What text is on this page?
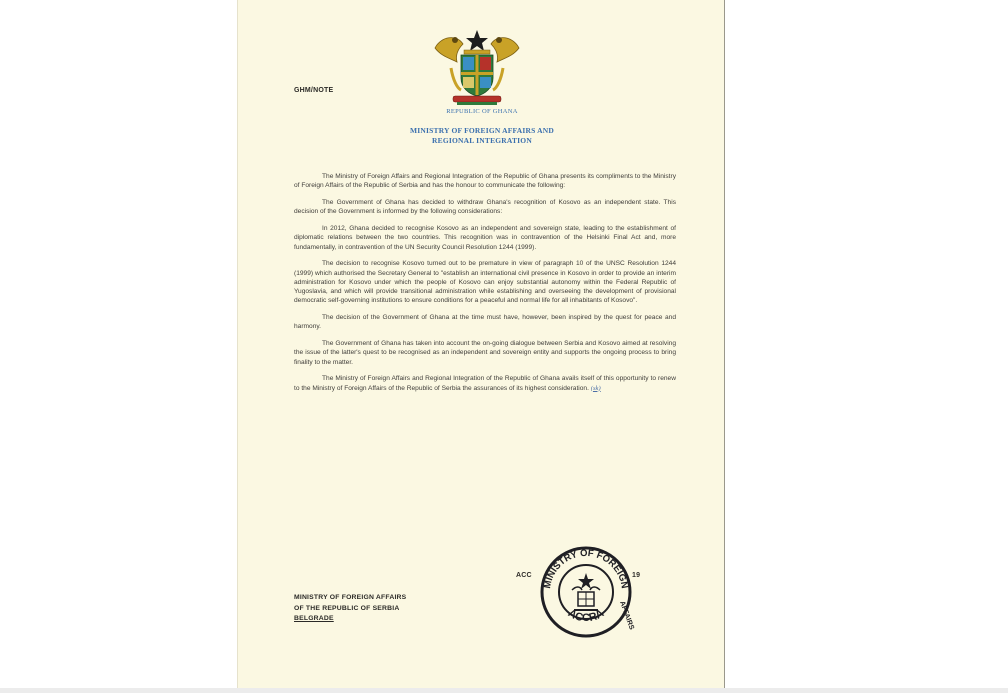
GHM/NOTE
REPUBLIC OF GHANA
MINISTRY OF FOREIGN AFFAIRS AND
REGIONAL INTEGRATION

The Ministry of Foreign Affairs and Regional Integration of the Republic of Ghana presents its compliments to the Ministry of Foreign Affairs of the Republic of Serbia and has the honour to communicate the following:

The Government of Ghana has decided to withdraw Ghana's recognition of Kosovo as an independent state. This decision of the Government is informed by the following considerations:

In 2012, Ghana decided to recognise Kosovo as an independent and sovereign state, leading to the establishment of diplomatic relations between the two countries. This recognition was in contravention of the Helsinki Final Act and, more fundamentally, in contravention of the UN Security Council Resolution 1244 (1999).

The decision to recognise Kosovo turned out to be premature in view of paragraph 10 of the UNSC Resolution 1244 (1999) which authorised the Secretary General to "establish an international civil presence in Kosovo in order to provide an interim administration for Kosovo under which the people of Kosovo can enjoy substantial autonomy within the Federal Republic of Yugoslavia, and which will provide transitional administration while establishing and overseeing the development of provisional democratic self-governing institutions to ensure conditions for a peaceful and normal life for all inhabitants of Kosovo".

The decision of the Government of Ghana at the time must have, however, been inspired by the quest for peace and harmony.

The Government of Ghana has taken into account the on-going dialogue between Serbia and Kosovo aimed at resolving the issue of the latter's quest to be recognised as an independent and sovereign entity and supports the ongoing process to bring finality to the matter.

The Ministry of Foreign Affairs and Regional Integration of the Republic of Ghana avails itself of this opportunity to renew to the Ministry of Foreign Affairs of the Republic of Serbia the assurances of its highest consideration. (sk)

ACC	19
MINISTRY OF FOREIGN
AFFAIRS
ACCRA
MINISTRY OF FOREIGN AFFAIRS
OF THE REPUBLIC OF SERBIA
BELGRADE
